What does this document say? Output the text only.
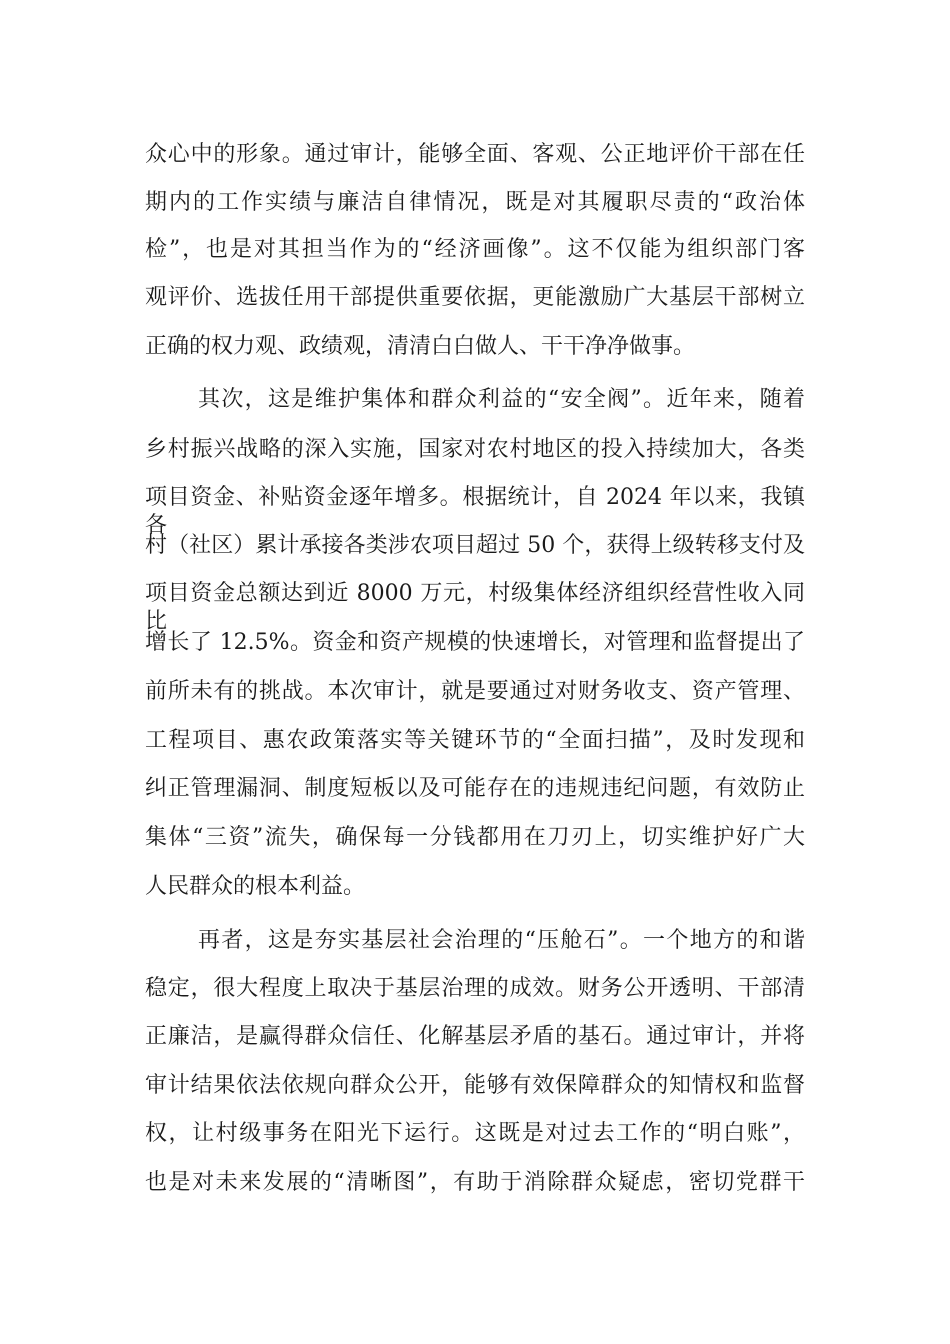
众心中的形象。通过审计，能够全面、客观、公正地评价干部在任
期内的工作实绩与廉洁自律情况，既是对其履职尽责的“政治体
检”，也是对其担当作为的“经济画像”。这不仅能为组织部门客
观评价、选拔任用干部提供重要依据，更能激励广大基层干部树立
正确的权力观、政绩观，清清白白做人、干干净净做事。
其次，这是维护集体和群众利益的“安全阀”。近年来，随着
乡村振兴战略的深入实施，国家对农村地区的投入持续加大，各类
项目资金、补贴资金逐年增多。根据统计，自 2024 年以来，我镇各
村（社区）累计承接各类涉农项目超过 50 个，获得上级转移支付及
项目资金总额达到近 8000 万元，村级集体经济组织经营性收入同比
增长了 12.5%。资金和资产规模的快速增长，对管理和监督提出了
前所未有的挑战。本次审计，就是要通过对财务收支、资产管理、
工程项目、惠农政策落实等关键环节的“全面扫描”，及时发现和
纠正管理漏洞、制度短板以及可能存在的违规违纪问题，有效防止
集体“三资”流失，确保每一分钱都用在刀刃上，切实维护好广大
人民群众的根本利益。
再者，这是夯实基层社会治理的“压舱石”。一个地方的和谐
稳定，很大程度上取决于基层治理的成效。财务公开透明、干部清
正廉洁，是赢得群众信任、化解基层矛盾的基石。通过审计，并将
审计结果依法依规向群众公开，能够有效保障群众的知情权和监督
权，让村级事务在阳光下运行。这既是对过去工作的“明白账”，
也是对未来发展的“清晰图”，有助于消除群众疑虑，密切党群干
